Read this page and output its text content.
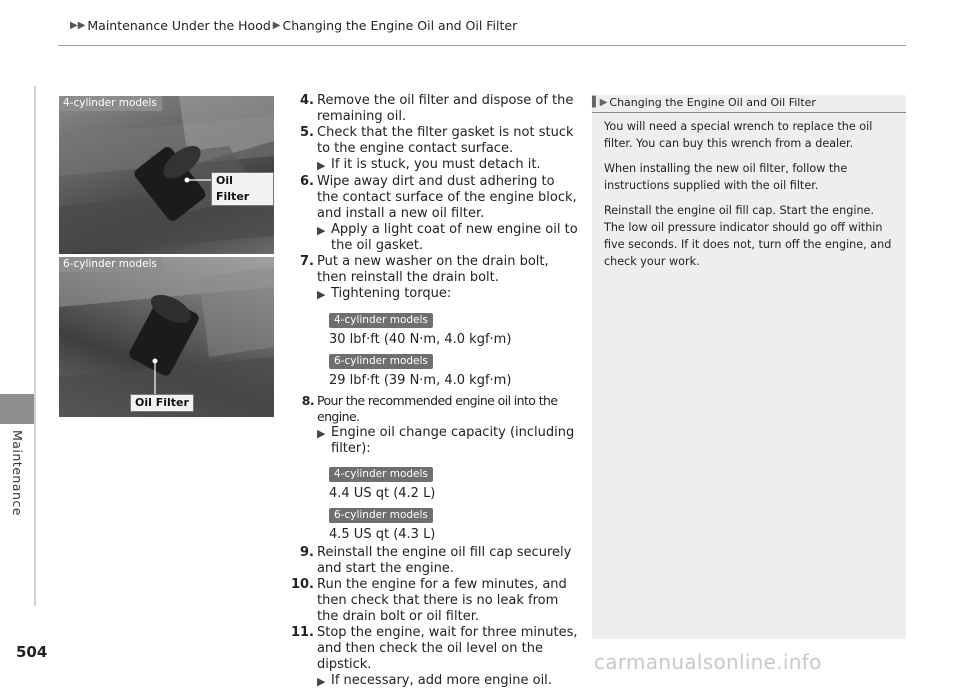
▶▶ Maintenance Under the Hood ▶ Changing the Engine Oil and Oil Filter
Maintenance
4-cylinder models
Oil Filter
6-cylinder models
Oil Filter
4. Remove the oil filter and dispose of the remaining oil.
5. Check that the filter gasket is not stuck to the engine contact surface.
▶ If it is stuck, you must detach it.
6. Wipe away dirt and dust adhering to the contact surface of the engine block, and install a new oil filter.
▶ Apply a light coat of new engine oil to the oil gasket.
7. Put a new washer on the drain bolt, then reinstall the drain bolt.
▶ Tightening torque:
4-cylinder models
30 lbf·ft (40 N·m, 4.0 kgf·m)
6-cylinder models
29 lbf·ft (39 N·m, 4.0 kgf·m)
8. Pour the recommended engine oil into the engine.
▶ Engine oil change capacity (including filter):
4-cylinder models
4.4 US qt (4.2 L)
6-cylinder models
4.5 US qt (4.3 L)
9. Reinstall the engine oil fill cap securely and start the engine.
10. Run the engine for a few minutes, and then check that there is no leak from the drain bolt or oil filter.
11. Stop the engine, wait for three minutes, and then check the oil level on the dipstick.
▶ If necessary, add more engine oil.
▌▶ Changing the Engine Oil and Oil Filter

You will need a special wrench to replace the oil filter. You can buy this wrench from a dealer.

When installing the new oil filter, follow the instructions supplied with the oil filter.

Reinstall the engine oil fill cap. Start the engine. The low oil pressure indicator should go off within five seconds. If it does not, turn off the engine, and check your work.

504	carmanualsonline.info
